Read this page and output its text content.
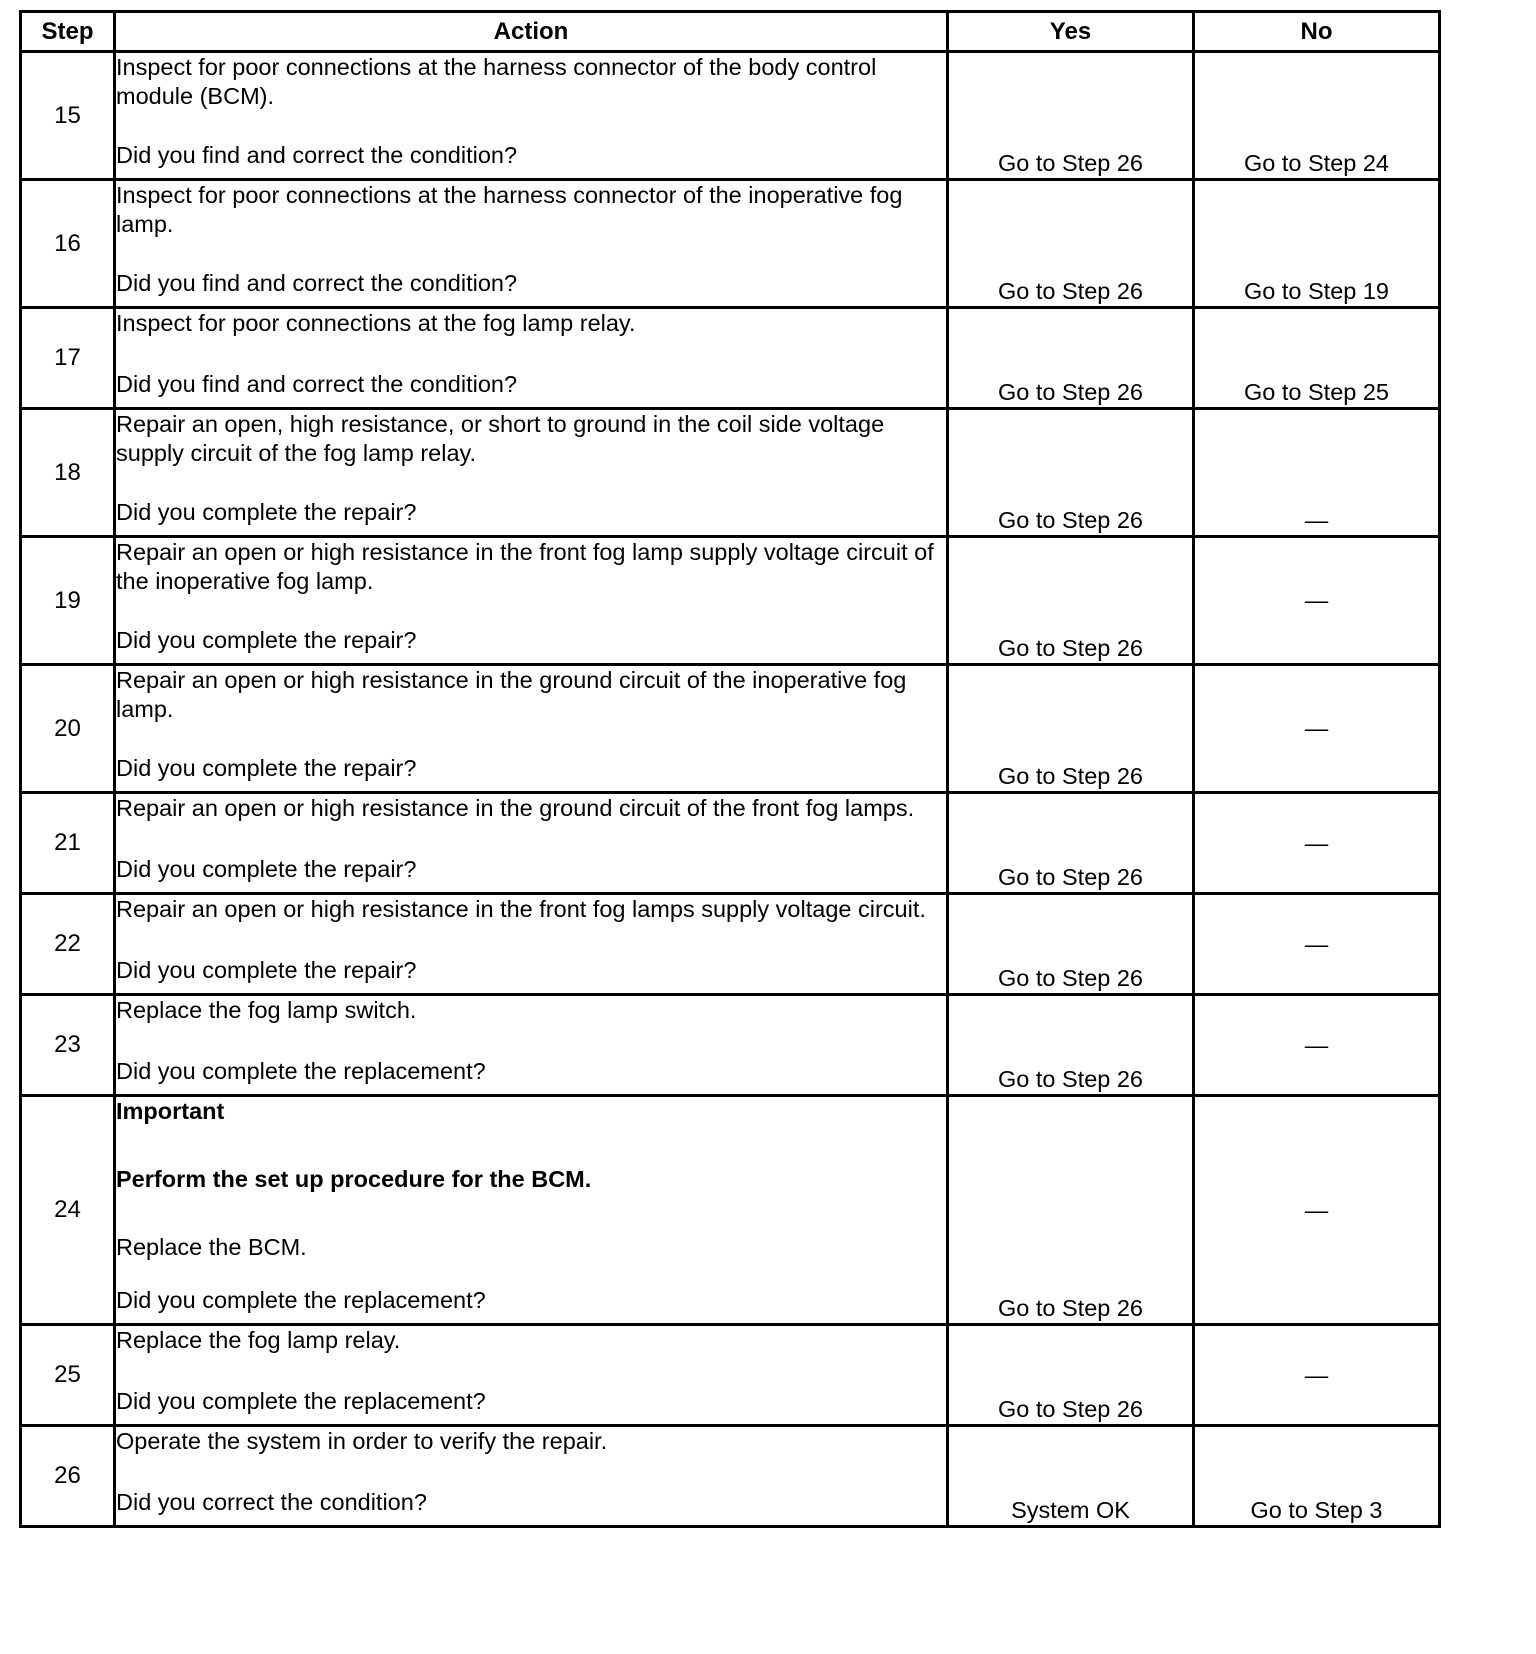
Step	Action	Yes	No
15	Inspect for poor connections at the harness connector of the body control module (BCM).
Did you find and correct the condition?	Go to Step 26	Go to Step 24
16	Inspect for poor connections at the harness connector of the inoperative fog lamp.
Did you find and correct the condition?	Go to Step 26	Go to Step 19
17	Inspect for poor connections at the fog lamp relay.
Did you find and correct the condition?	Go to Step 26	Go to Step 25
18	Repair an open, high resistance, or short to ground in the coil side voltage supply circuit of the fog lamp relay.
Did you complete the repair?	Go to Step 26	—
19	Repair an open or high resistance in the front fog lamp supply voltage circuit of the inoperative fog lamp.
Did you complete the repair?	Go to Step 26	—
20	Repair an open or high resistance in the ground circuit of the inoperative fog lamp.
Did you complete the repair?	Go to Step 26	—
21	Repair an open or high resistance in the ground circuit of the front fog lamps.
Did you complete the repair?	Go to Step 26	—
22	Repair an open or high resistance in the front fog lamps supply voltage circuit.
Did you complete the repair?	Go to Step 26	—
23	Replace the fog lamp switch.
Did you complete the replacement?	Go to Step 26	—
24	Important
Perform the set up procedure for the BCM.
Replace the BCM.
Did you complete the replacement?	Go to Step 26	—
25	Replace the fog lamp relay.
Did you complete the replacement?	Go to Step 26	—
26	Operate the system in order to verify the repair.
Did you correct the condition?	System OK	Go to Step 3
